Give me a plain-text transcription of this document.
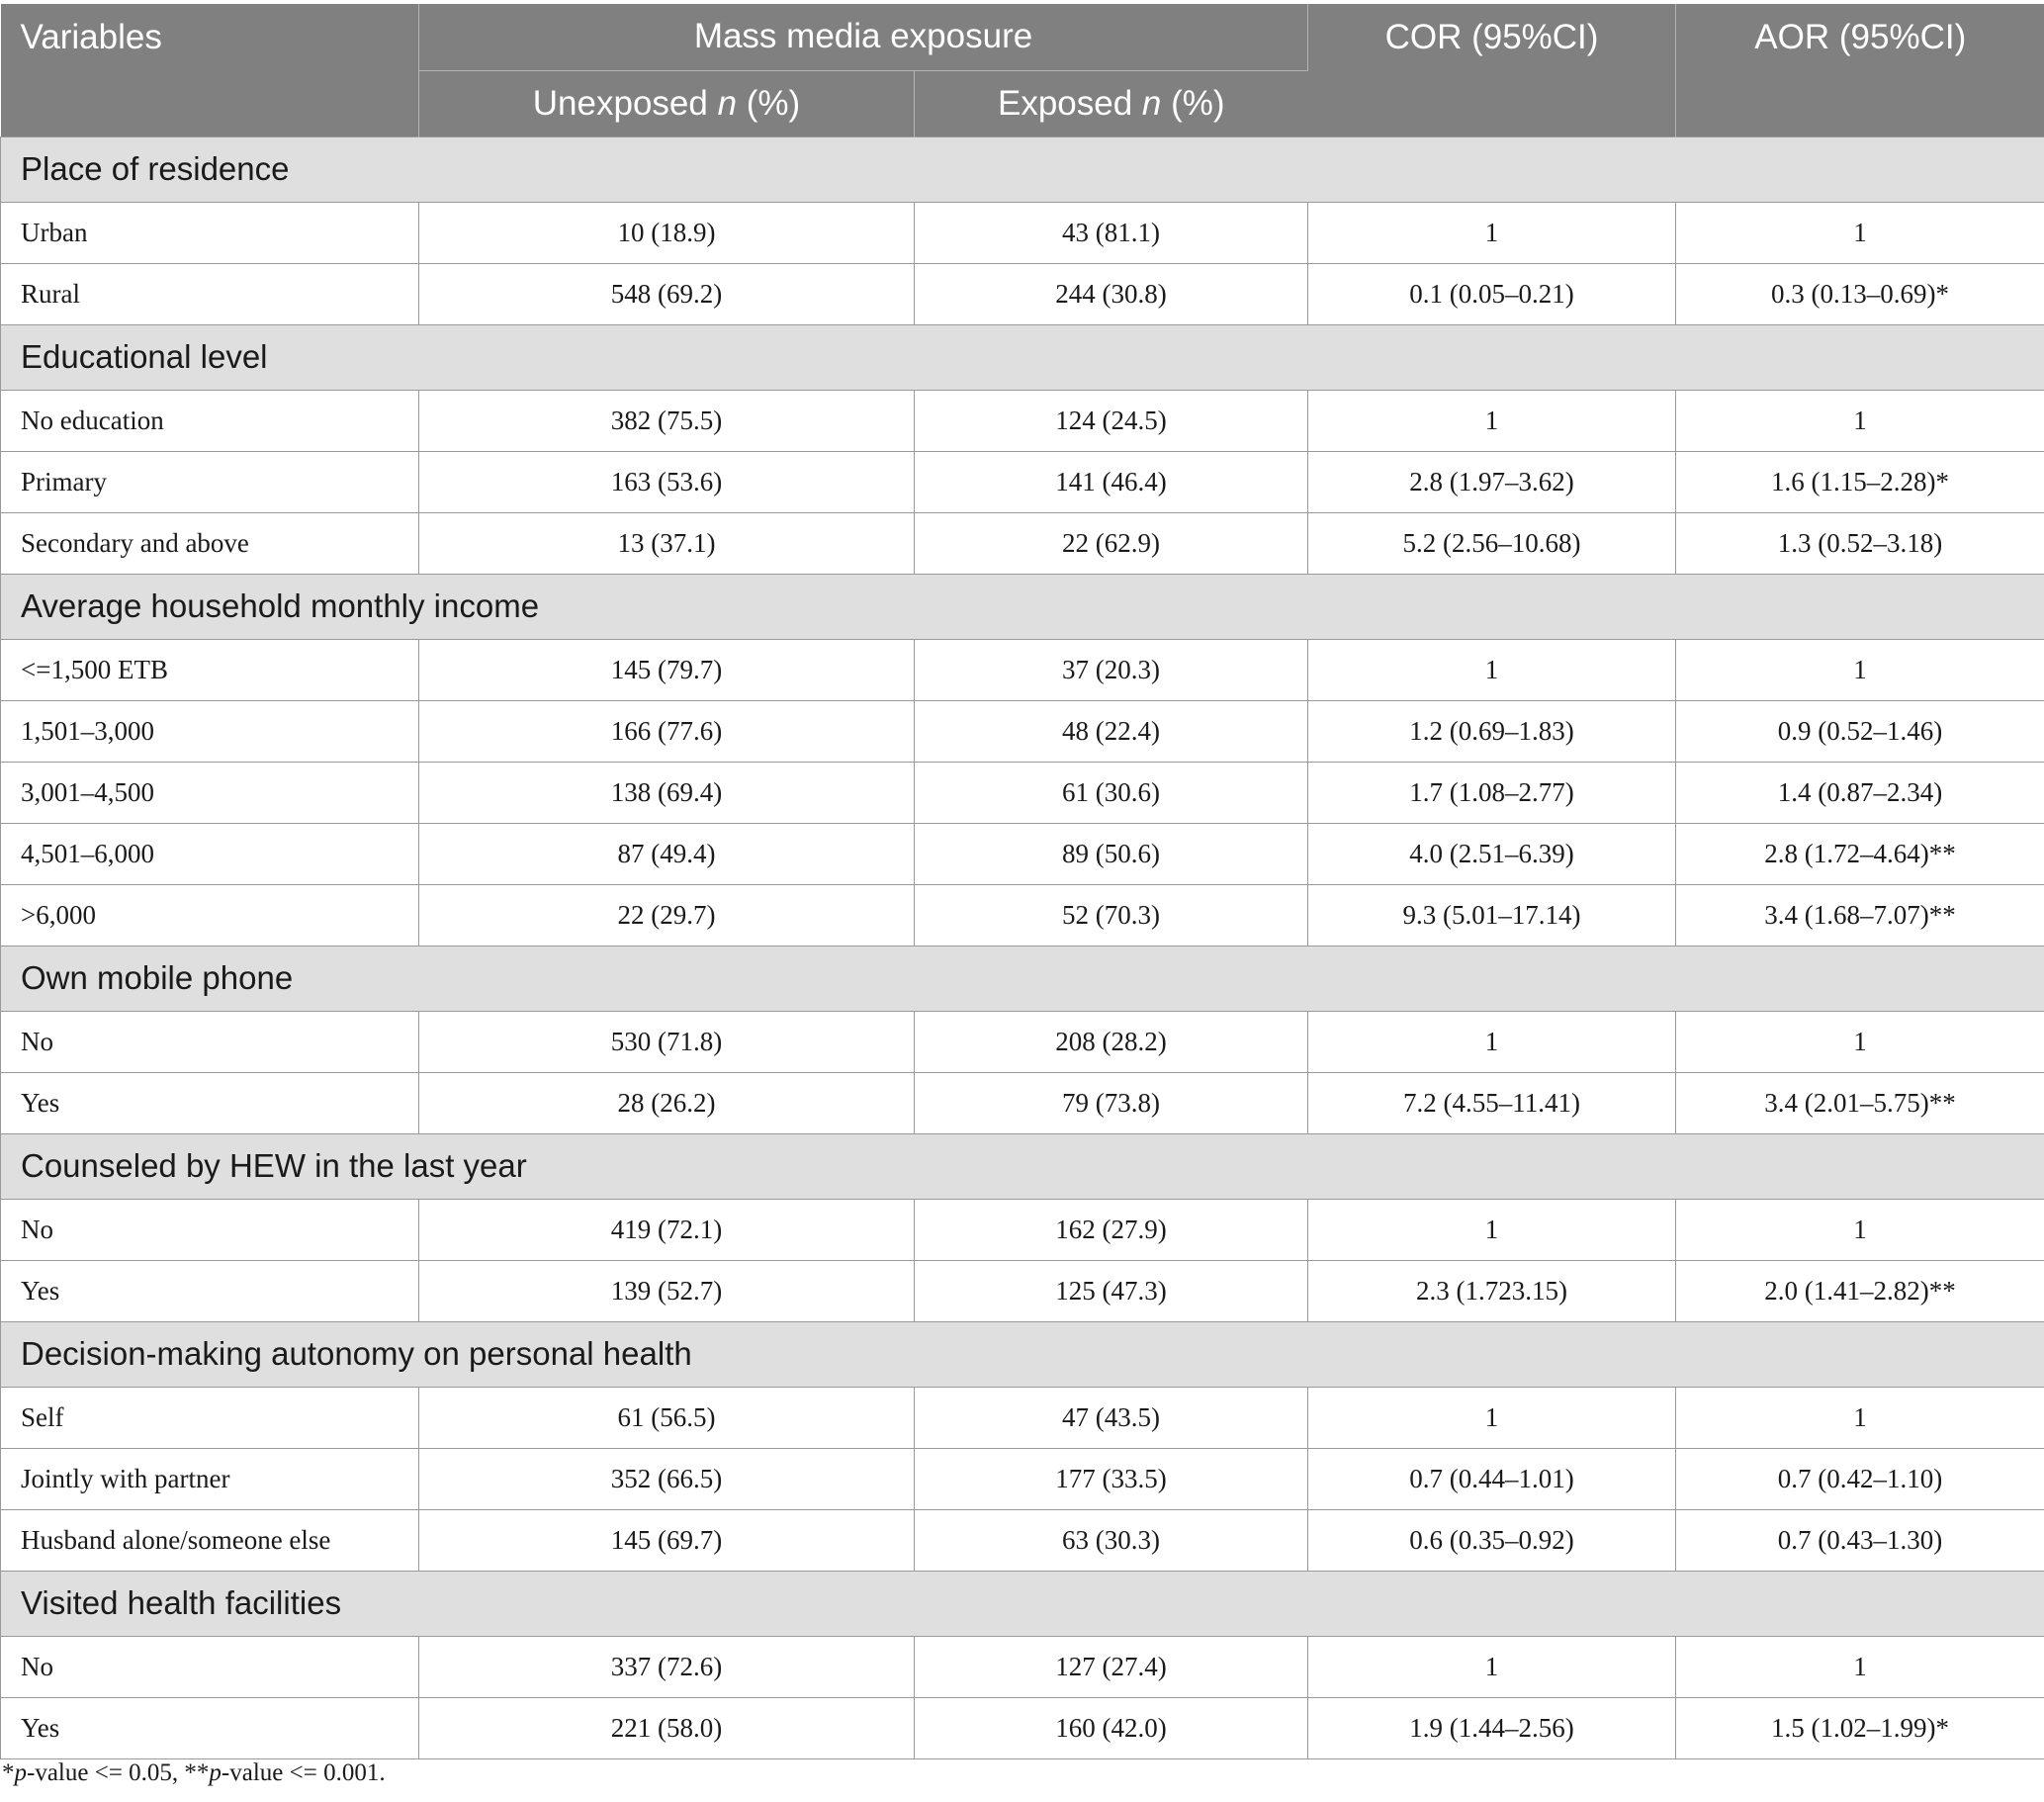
Variables	Mass media exposure		COR (95%CI)	AOR (95%CI)
	Unexposed n (%)	Exposed n (%)		
Place of residence				
Urban	10 (18.9)	43 (81.1)	1	1
Rural	548 (69.2)	244 (30.8)	0.1 (0.05–0.21)	0.3 (0.13–0.69)*
Educational level				
No education	382 (75.5)	124 (24.5)	1	1
Primary	163 (53.6)	141 (46.4)	2.8 (1.97–3.62)	1.6 (1.15–2.28)*
Secondary and above	13 (37.1)	22 (62.9)	5.2 (2.56–10.68)	1.3 (0.52–3.18)
Average household monthly income				
<=1,500 ETB	145 (79.7)	37 (20.3)	1	1
1,501–3,000	166 (77.6)	48 (22.4)	1.2 (0.69–1.83)	0.9 (0.52–1.46)
3,001–4,500	138 (69.4)	61 (30.6)	1.7 (1.08–2.77)	1.4 (0.87–2.34)
4,501–6,000	87 (49.4)	89 (50.6)	4.0 (2.51–6.39)	2.8 (1.72–4.64)**
>6,000	22 (29.7)	52 (70.3)	9.3 (5.01–17.14)	3.4 (1.68–7.07)**
Own mobile phone				
No	530 (71.8)	208 (28.2)	1	1
Yes	28 (26.2)	79 (73.8)	7.2 (4.55–11.41)	3.4 (2.01–5.75)**
Counseled by HEW in the last year				
No	419 (72.1)	162 (27.9)	1	1
Yes	139 (52.7)	125 (47.3)	2.3 (1.723.15)	2.0 (1.41–2.82)**
Decision-making autonomy on personal health				
Self	61 (56.5)	47 (43.5)	1	1
Jointly with partner	352 (66.5)	177 (33.5)	0.7 (0.44–1.01)	0.7 (0.42–1.10)
Husband alone/someone else	145 (69.7)	63 (30.3)	0.6 (0.35–0.92)	0.7 (0.43–1.30)
Visited health facilities				
No	337 (72.6)	127 (27.4)	1	1
Yes	221 (58.0)	160 (42.0)	1.9 (1.44–2.56)	1.5 (1.02–1.99)*
*p-value <= 0.05, **p-value <= 0.001.
